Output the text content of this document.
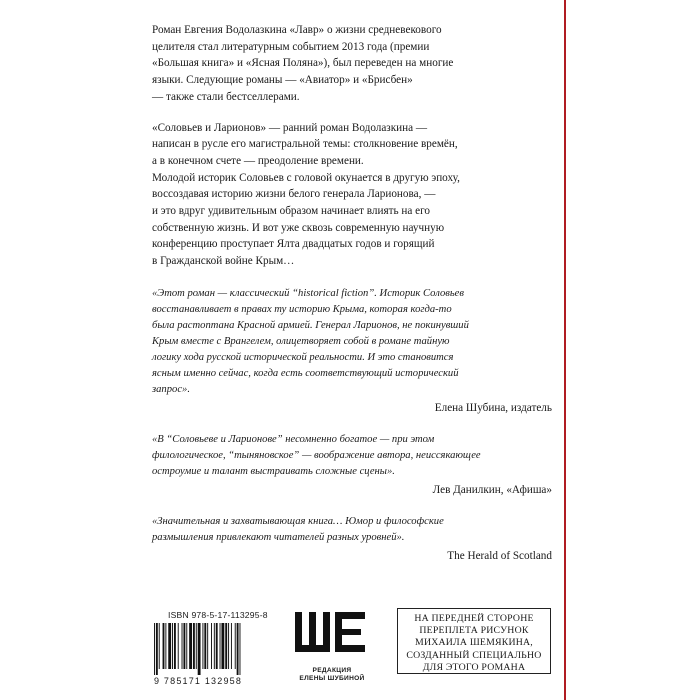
Роман Евгения Водолазкина «Лавр» о жизни средневекового

целителя стал литературным событием 2013 года (премии

«Большая книга» и «Ясная Поляна»), был переведен на многие

языки. Следующие романы — «Авиатор» и «Брисбен»

— также стали бестселлерами.

«Соловьев и Ларионов» — ранний роман Водолазкина —

написан в русле его магистральной темы: столкновение времён,

а в конечном счете — преодоление времени.

Молодой историк Соловьев с головой окунается в другую эпоху,

воссоздавая историю жизни белого генерала Ларионова, —

и это вдруг удивительным образом начинает влиять на его

собственную жизнь. И вот уже сквозь современную научную

конференцию проступает Ялта двадцатых годов и горящий

в Гражданской войне Крым…

«Этот роман — классический “historical fiction”. Историк Соловьев

восстанавливает в правах ту историю Крыма, которая когда-то

была растоптана Красной армией. Генерал Ларионов, не покинувший

Крым вместе с Врангелем, олицетворяет собой в романе тайную

логику хода русской исторической реальности. И это становится

ясным именно сейчас, когда есть соответствующий исторический

запрос».

Елена Шубина, издатель

«В “Соловьеве и Ларионове” несомненно богатое — при этом

филологическое, “тыняновское” — воображение автора, неиссякающее

остроумие и талант выстраивать сложные сцены».

Лев Данилкин, «Афиша»

«Значительная и захватывающая книга… Юмор и философские

размышления привлекают читателей разных уровней».

The Herald of Scotland

ISBN 978-5-17-113295-8

9 785171 132958

РЕДАКЦИЯ
ЕЛЕНЫ ШУБИНОЙ
НА ПЕРЕДНЕЙ СТОРОНЕ
ПЕРЕПЛЕТА РИСУНОК
МИХАИЛА ШЕМЯКИНА,
СОЗДАННЫЙ СПЕЦИАЛЬНО
ДЛЯ ЭТОГО РОМАНА
